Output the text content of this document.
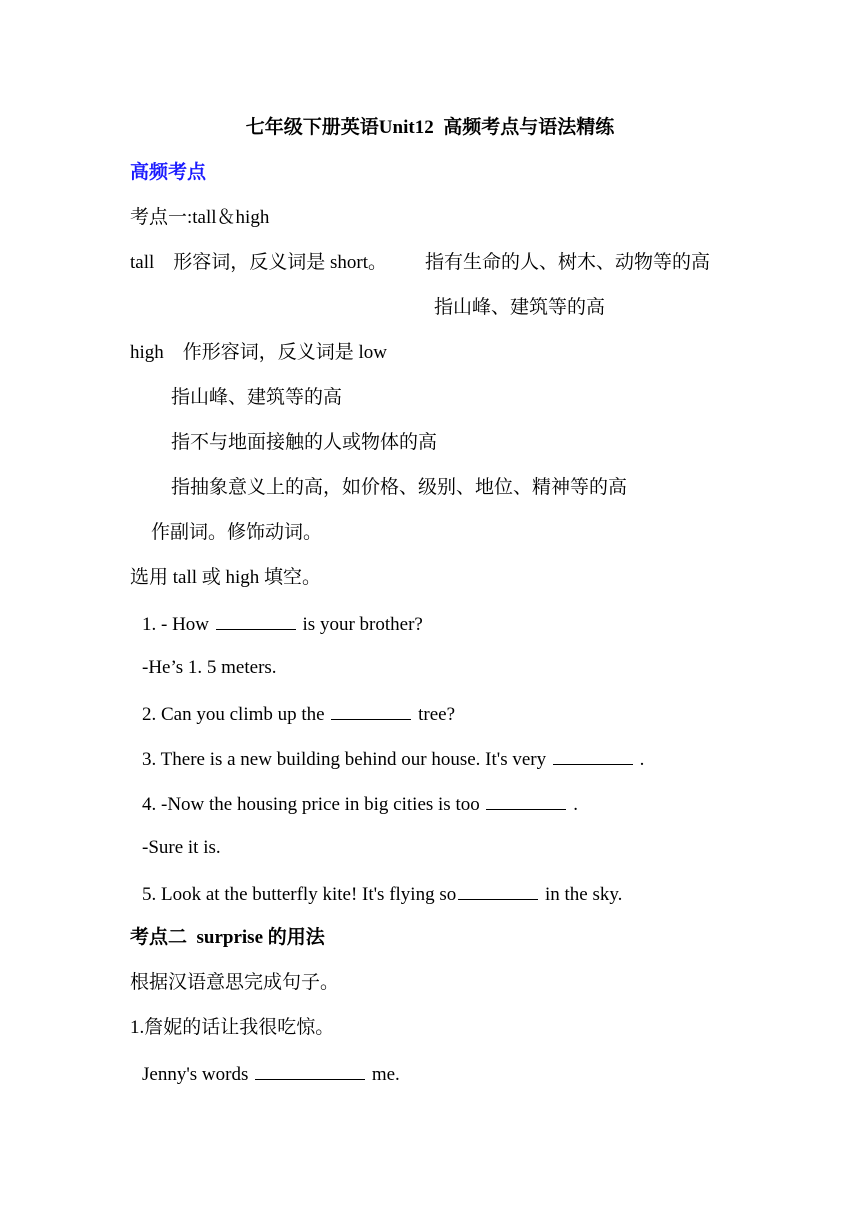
七年级下册英语Unit12  高频考点与语法精练
高频考点
考点一:tall＆high
tall    形容词，反义词是 short。 指有生命的人、树木、动物等的高
指山峰、建筑等的高
high    作形容词，反义词是 low
指山峰、建筑等的高
指不与地面接触的人或物体的高
指抽象意义上的高，如价格、级别、地位、精神等的高
作副词。修饰动词。
选用 tall 或 high 填空。
1. - How	is your brother?
-He’s 1. 5 meters.
2. Can you climb up the	tree?
3. There is a new building behind our house. It's very	.
4. -Now the housing price in big cities is too	.
-Sure it is.
5. Look at the butterfly kite! It's flying so	in the sky.
考点二  surprise 的用法
根据汉语意思完成句子。
1.詹妮的话让我很吃惊。
Jenny's words	me.
